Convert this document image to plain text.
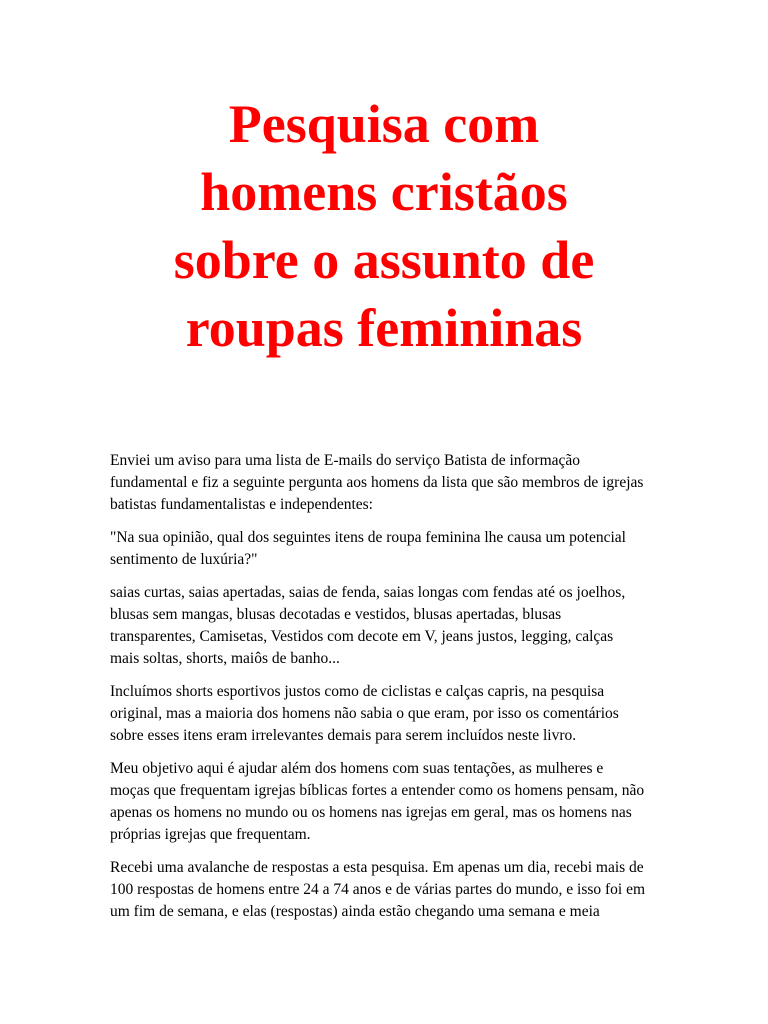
Pesquisa com
homens cristãos
sobre o assunto de
roupas femininas

Enviei um aviso para uma lista de E-mails do serviço Batista de informação
fundamental e fiz a seguinte pergunta aos homens da lista que são membros de igrejas
batistas fundamentalistas e independentes:

"Na sua opinião, qual dos seguintes itens de roupa feminina lhe causa um potencial
sentimento de luxúria?"

saias curtas, saias apertadas, saias de fenda, saias longas com fendas até os joelhos,
blusas sem mangas, blusas decotadas e vestidos, blusas apertadas, blusas
transparentes, Camisetas, Vestidos com decote em V, jeans justos, legging, calças
mais soltas, shorts, maiôs de banho...

Incluímos shorts esportivos justos como de ciclistas e calças capris, na pesquisa
original, mas a maioria dos homens não sabia o que eram, por isso os comentários
sobre esses itens eram irrelevantes demais para serem incluídos neste livro.

Meu objetivo aqui é ajudar além dos homens com suas tentações, as mulheres e
moças que frequentam igrejas bíblicas fortes a entender como os homens pensam, não
apenas os homens no mundo ou os homens nas igrejas em geral, mas os homens nas
próprias igrejas que frequentam.

Recebi uma avalanche de respostas a esta pesquisa. Em apenas um dia, recebi mais de
100 respostas de homens entre 24 a 74 anos e de várias partes do mundo, e isso foi em
um fim de semana, e elas (respostas) ainda estão chegando uma semana e meia
